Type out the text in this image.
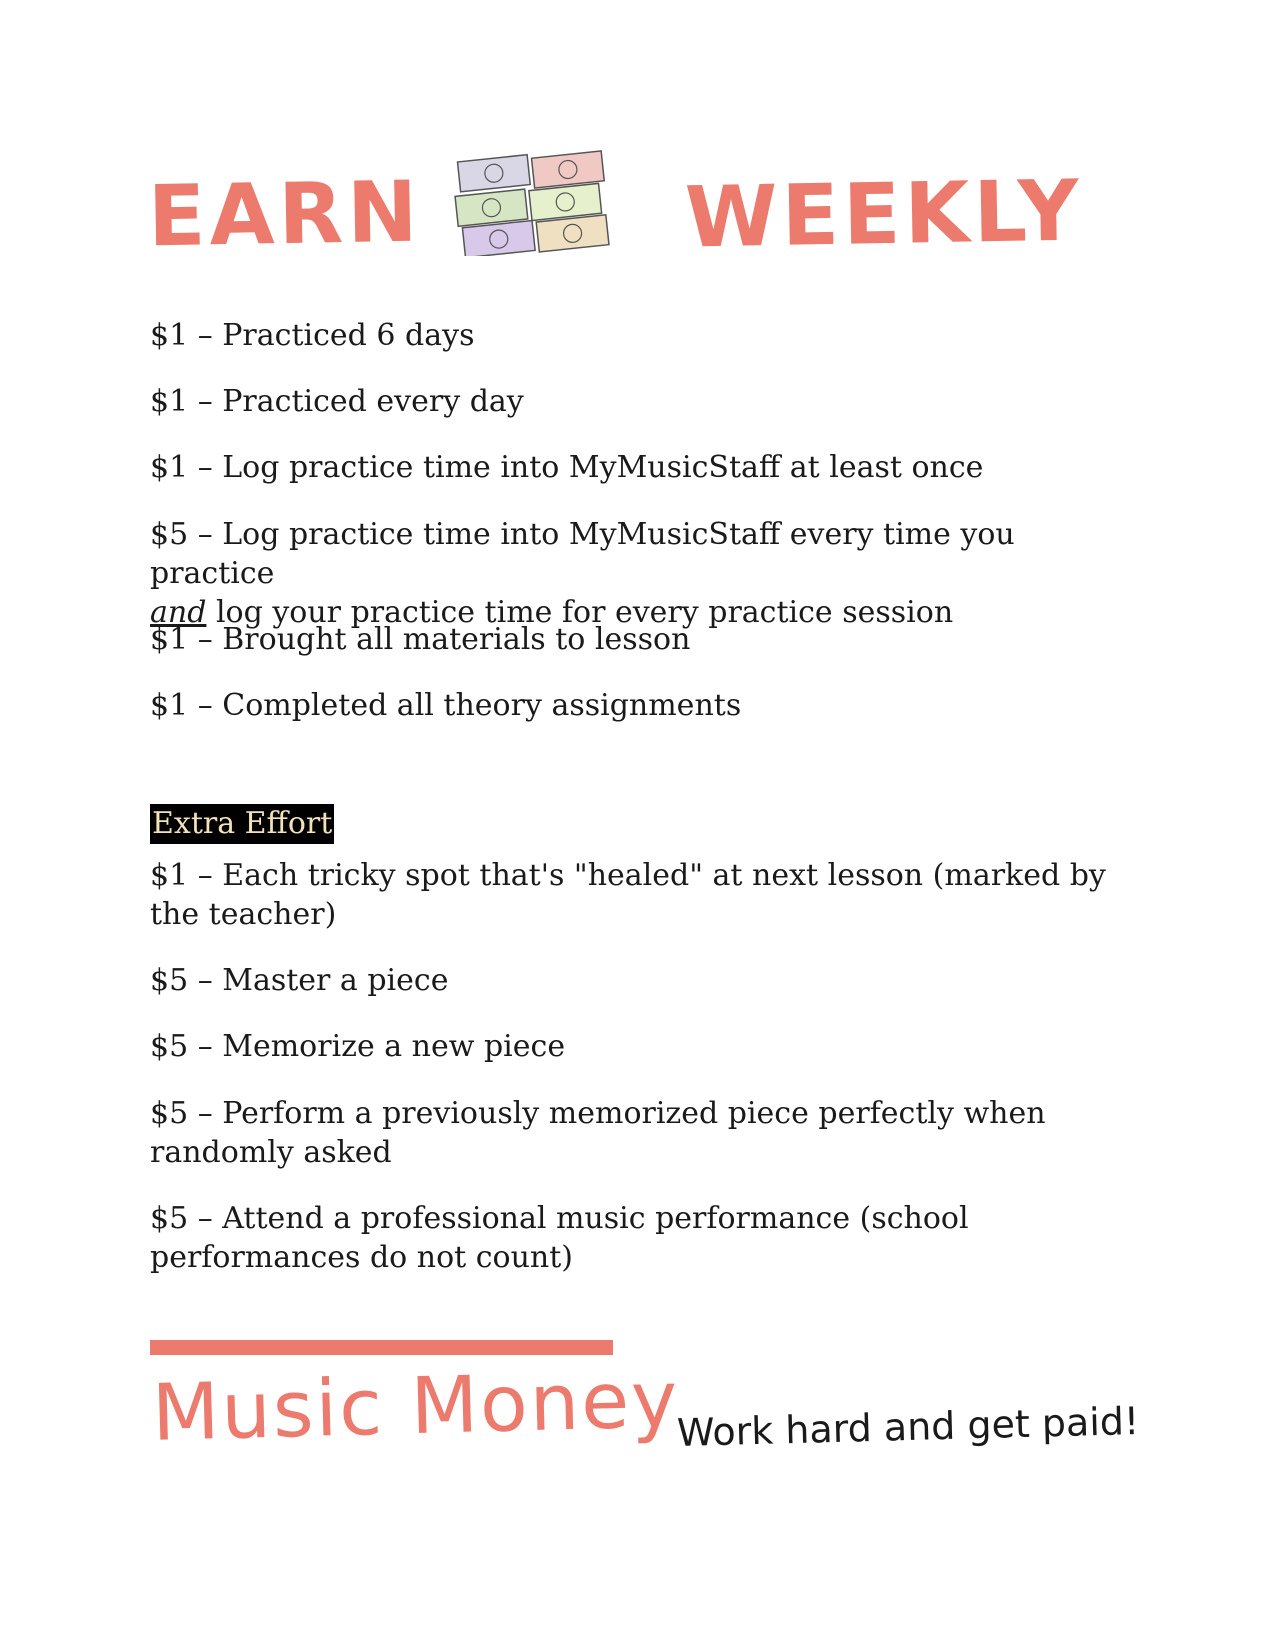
EARN	WEEKLY
$1 – Practiced 6 days
$1 – Practiced every day
$1 – Log practice time into MyMusicStaff at least once
$5 – Log practice time into MyMusicStaff every time you practice
and log your practice time for every practice session
$1 – Brought all materials to lesson
$1 – Completed all theory assignments
Extra Effort
$1 – Each tricky spot that's "healed" at next lesson (marked by the teacher)
$5 – Master a piece
$5 – Memorize a new piece
$5 – Perform a previously memorized piece perfectly when randomly asked
$5 – Attend a professional music performance (school performances do not count)
Music Money
Work hard and get paid!
